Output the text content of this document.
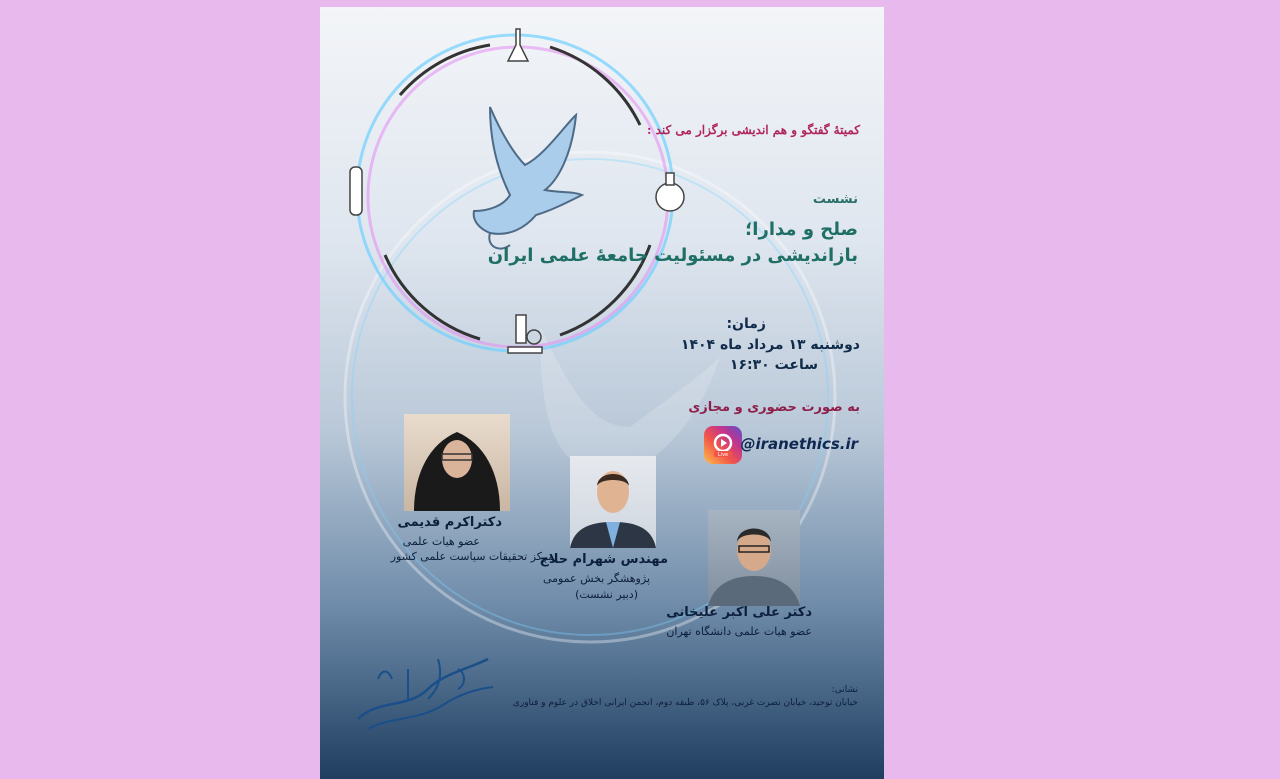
کمیتهٔ گفتگو و هم اندیشی برگزار می کند :
نشست
صلح و مدارا؛
بازاندیشی در مسئولیت جامعهٔ علمی ایران
زمان:
دوشنبه ۱۳ مرداد ماه ۱۴۰۴
ساعت ۱۶:۳۰
به صورت حضوری و مجازی
Live
@iranethics.ir
دکتراکرم قدیمی
عضو هیات علمی
مرکز تحقیقات سیاست علمی کشور
مهندس شهرام حلاج
پژوهشگر بخش عمومی
(دبیر نشست)
دکتر علی اکبر علیخانی
عضو هیات علمی دانشگاه تهران
نشانی:
خیابان توحید، خیابان نصرت غربی، پلاک ۵۶، طبقه دوم، انجمن ایرانی اخلاق در علوم و فناوری
